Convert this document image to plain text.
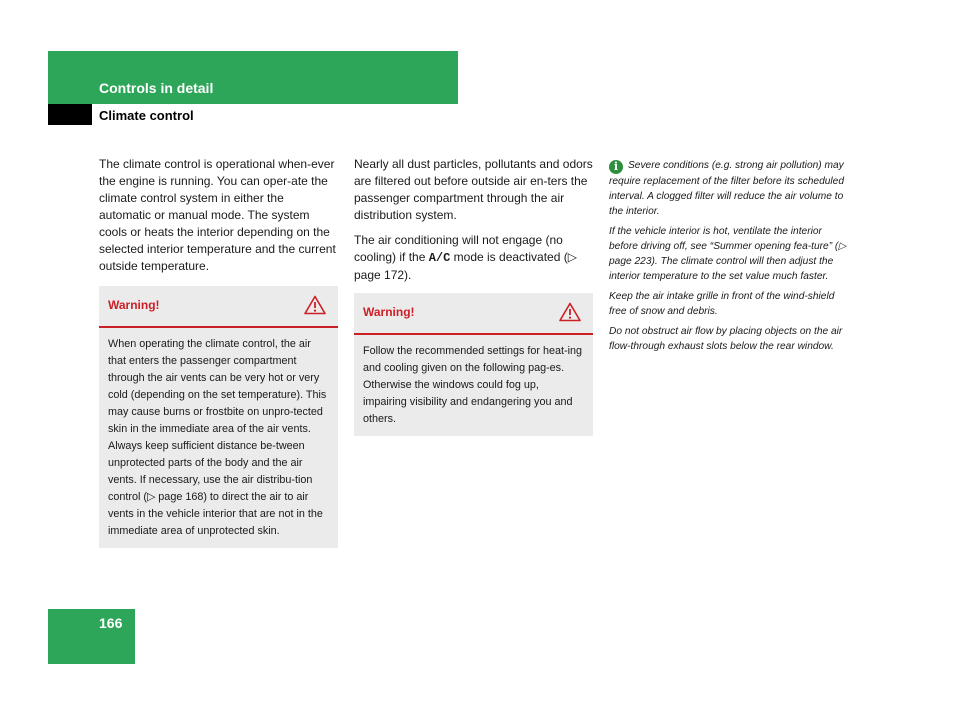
Controls in detail
Climate control

The climate control is operational when-ever the engine is running. You can oper-ate the climate control system in either the automatic or manual mode. The system cools or heats the interior depending on the selected interior temperature and the current outside temperature.

Warning!
When operating the climate control, the air that enters the passenger compartment through the air vents can be very hot or very cold (depending on the set temperature). This may cause burns or frostbite on unpro-tected skin in the immediate area of the air vents. Always keep sufficient distance be-tween unprotected parts of the body and the air vents. If necessary, use the air distribu-tion control (▷ page 168) to direct the air to air vents in the vehicle interior that are not in the immediate area of unprotected skin.

Nearly all dust particles, pollutants and odors are filtered out before outside air en-ters the passenger compartment through the air distribution system.

The air conditioning will not engage (no cooling) if the A/C mode is deactivated (▷ page 172).

Warning!
Follow the recommended settings for heat-ing and cooling given on the following pag-es. Otherwise the windows could fog up, impairing visibility and endangering you and others.

i Severe conditions (e.g. strong air pollution) may require replacement of the filter before its scheduled interval. A clogged filter will reduce the air volume to the interior.

If the vehicle interior is hot, ventilate the interior before driving off, see “Summer opening fea-ture” (▷ page 223). The climate control will then adjust the interior temperature to the set value much faster.

Keep the air intake grille in front of the wind-shield free of snow and debris.

Do not obstruct air flow by placing objects on the air flow-through exhaust slots below the rear window.

166
